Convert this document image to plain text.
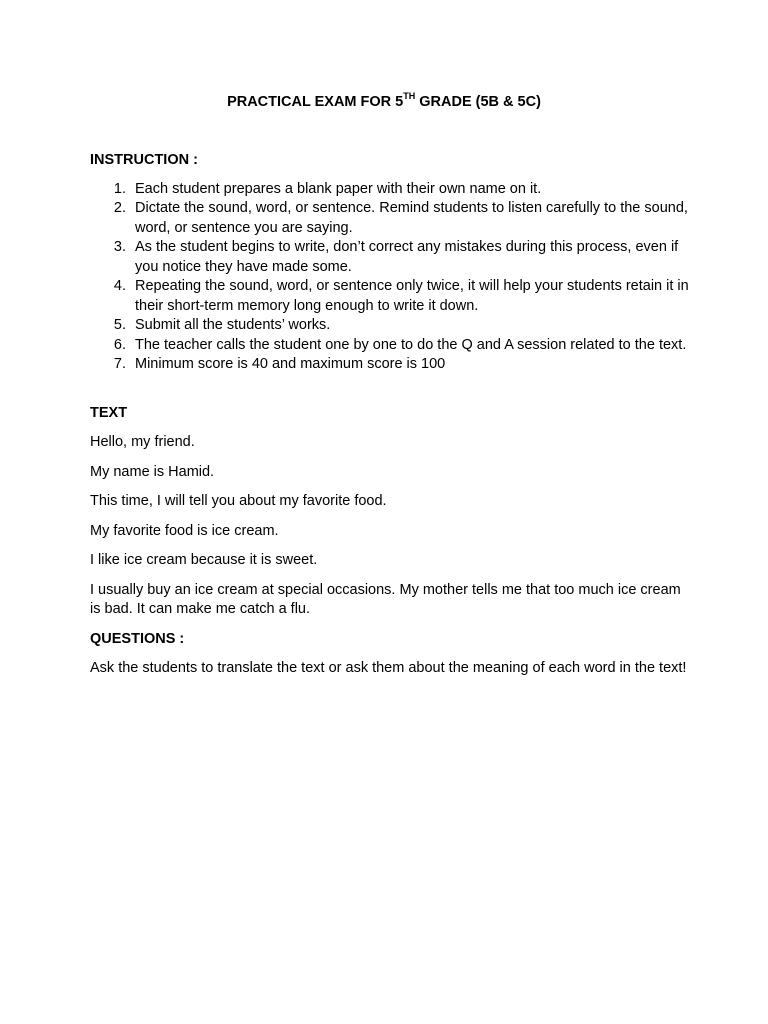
PRACTICAL EXAM FOR 5TH GRADE (5B & 5C)
INSTRUCTION :
1. Each student prepares a blank paper with their own name on it.
2. Dictate the sound, word, or sentence. Remind students to listen carefully to the sound, word, or sentence you are saying.
3. As the student begins to write, don’t correct any mistakes during this process, even if you notice they have made some.
4. Repeating the sound, word, or sentence only twice, it will help your students retain it in their short-term memory long enough to write it down.
5. Submit all the students’ works.
6. The teacher calls the student one by one to do the Q and A session related to the text.
7. Minimum score is 40 and maximum score is 100
TEXT

Hello, my friend.

My name is Hamid.

This time, I will tell you about my favorite food.

My favorite food is ice cream.

I like ice cream because it is sweet.

I usually buy an ice cream at special occasions. My mother tells me that too much ice cream is bad. It can make me catch a flu.

QUESTIONS :

Ask the students to translate the text or ask them about the meaning of each word in the text!
